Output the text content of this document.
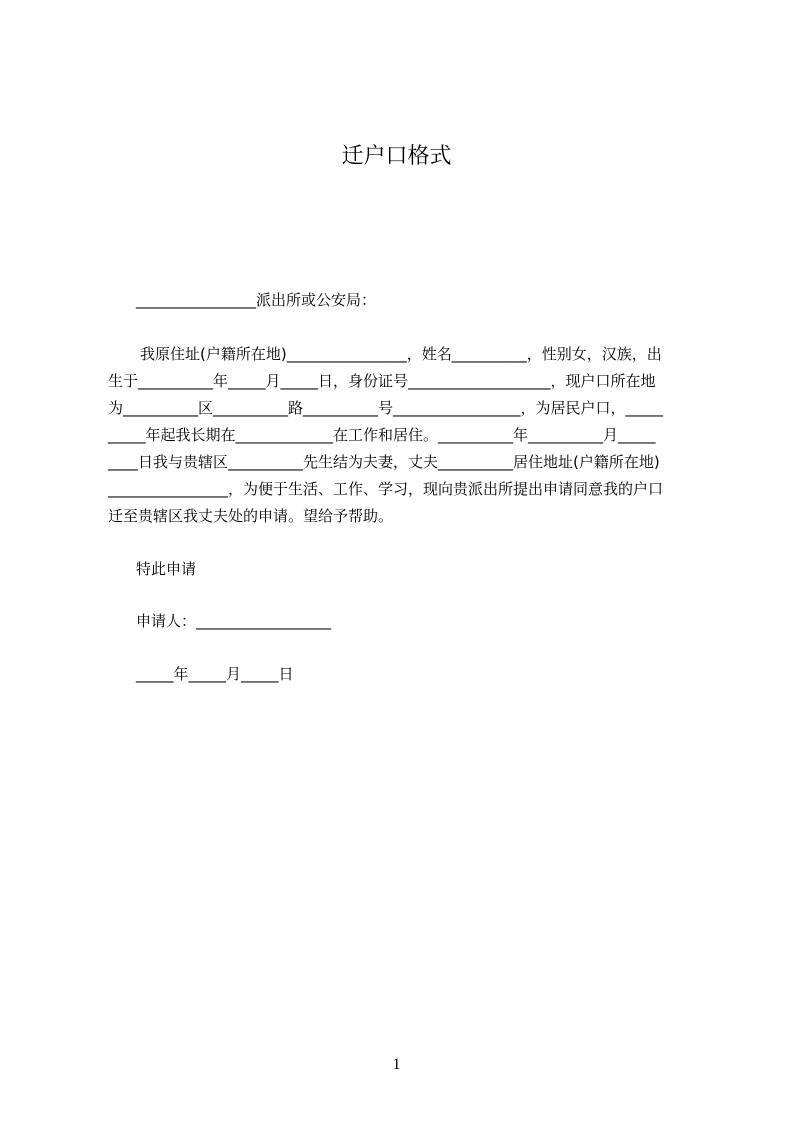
迁户口格式
________________派出所或公安局：
我原住址(户籍所在地)________________，姓名__________，性别女，汉族，出
生于__________年_____月_____日，身份证号___________________，现户口所在地
为__________区__________路__________号_________________，为居民户口，_____
_____年起我长期在_____________在工作和居住。__________年__________月_____
____日我与贵辖区__________先生结为夫妻，丈夫__________居住地址(户籍所在地)
________________，为便于生活、工作、学习，现向贵派出所提出申请同意我的户口
迁至贵辖区我丈夫处的申请。望给予帮助。
特此申请
申请人：__________________
_____年_____月_____日
1
